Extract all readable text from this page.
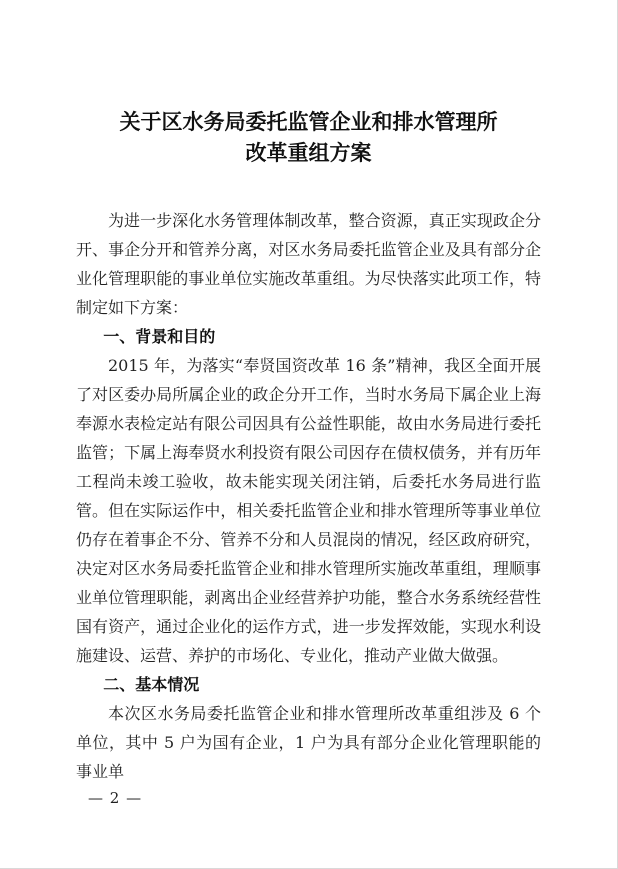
关于区水务局委托监管企业和排水管理所
改革重组方案

为进一步深化水务管理体制改革，整合资源，真正实现政企分开、事企分开和管养分离，对区水务局委托监管企业及具有部分企业化管理职能的事业单位实施改革重组。为尽快落实此项工作，特制定如下方案：

一、背景和目的

2015 年，为落实“奉贤国资改革 16 条”精神，我区全面开展了对区委办局所属企业的政企分开工作，当时水务局下属企业上海奉源水表检定站有限公司因具有公益性职能，故由水务局进行委托监管；下属上海奉贤水利投资有限公司因存在债权债务，并有历年工程尚未竣工验收，故未能实现关闭注销，后委托水务局进行监管。但在实际运作中，相关委托监管企业和排水管理所等事业单位仍存在着事企不分、管养不分和人员混岗的情况，经区政府研究，决定对区水务局委托监管企业和排水管理所实施改革重组，理顺事业单位管理职能，剥离出企业经营养护功能，整合水务系统经营性国有资产，通过企业化的运作方式，进一步发挥效能，实现水利设施建设、运营、养护的市场化、专业化，推动产业做大做强。

二、基本情况

本次区水务局委托监管企业和排水管理所改革重组涉及 6 个单位，其中 5 户为国有企业，1 户为具有部分企业化管理职能的事业单

— 2 —
